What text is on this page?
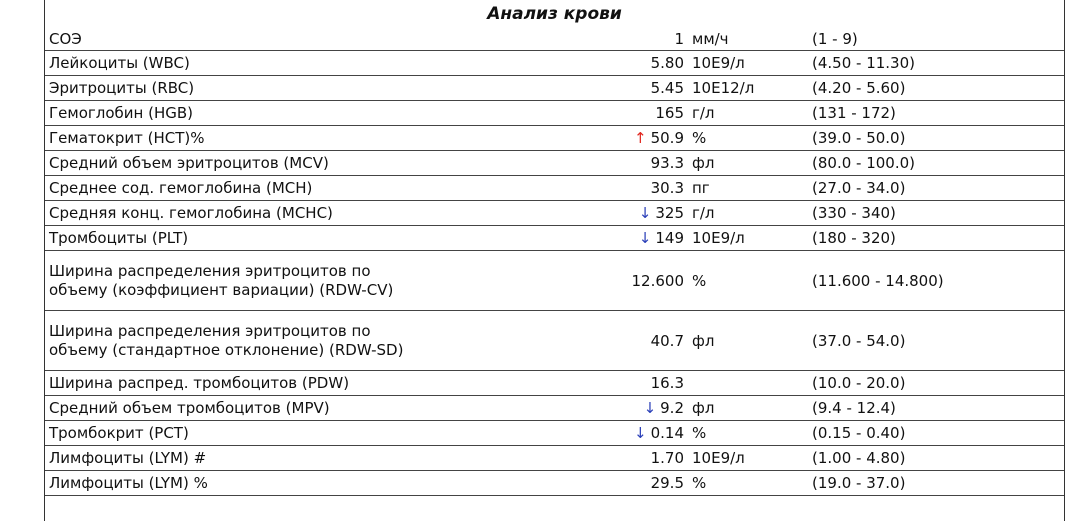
Анализ крови
СОЭ	1	мм/ч	(1 - 9)
Лейкоциты (WBC)	5.80	10E9/л	(4.50 - 11.30)
Эритроциты (RBC)	5.45	10E12/л	(4.20 - 5.60)
Гемоглобин (HGB)	165	г/л	(131 - 172)
Гематокрит (HCT)%	↑ 50.9	%	(39.0 - 50.0)
Средний объем эритроцитов (MCV)	93.3	фл	(80.0 - 100.0)
Среднее сод. гемоглобина (MCH)	30.3	пг	(27.0 - 34.0)
Средняя конц. гемоглобина (MCHC)	↓ 325	г/л	(330 - 340)
Тромбоциты (PLT)	↓ 149	10E9/л	(180 - 320)

Ширина распределения эритроцитов по объему (коэффициент вариации) (RDW-CV)	12.600	%	(11.600 - 14.800)

Ширина распределения эритроцитов по объему (стандартное отклонение) (RDW-SD)	40.7	фл	(37.0 - 54.0)
Ширина распред. тромбоцитов (PDW)	16.3		(10.0 - 20.0)
Средний объем тромбоцитов (MPV)	↓ 9.2	фл	(9.4 - 12.4)
Тромбокрит (PCT)	↓ 0.14	%	(0.15 - 0.40)
Лимфоциты (LYM) #	1.70	10E9/л	(1.00 - 4.80)
Лимфоциты (LYM) %	29.5	%	(19.0 - 37.0)
